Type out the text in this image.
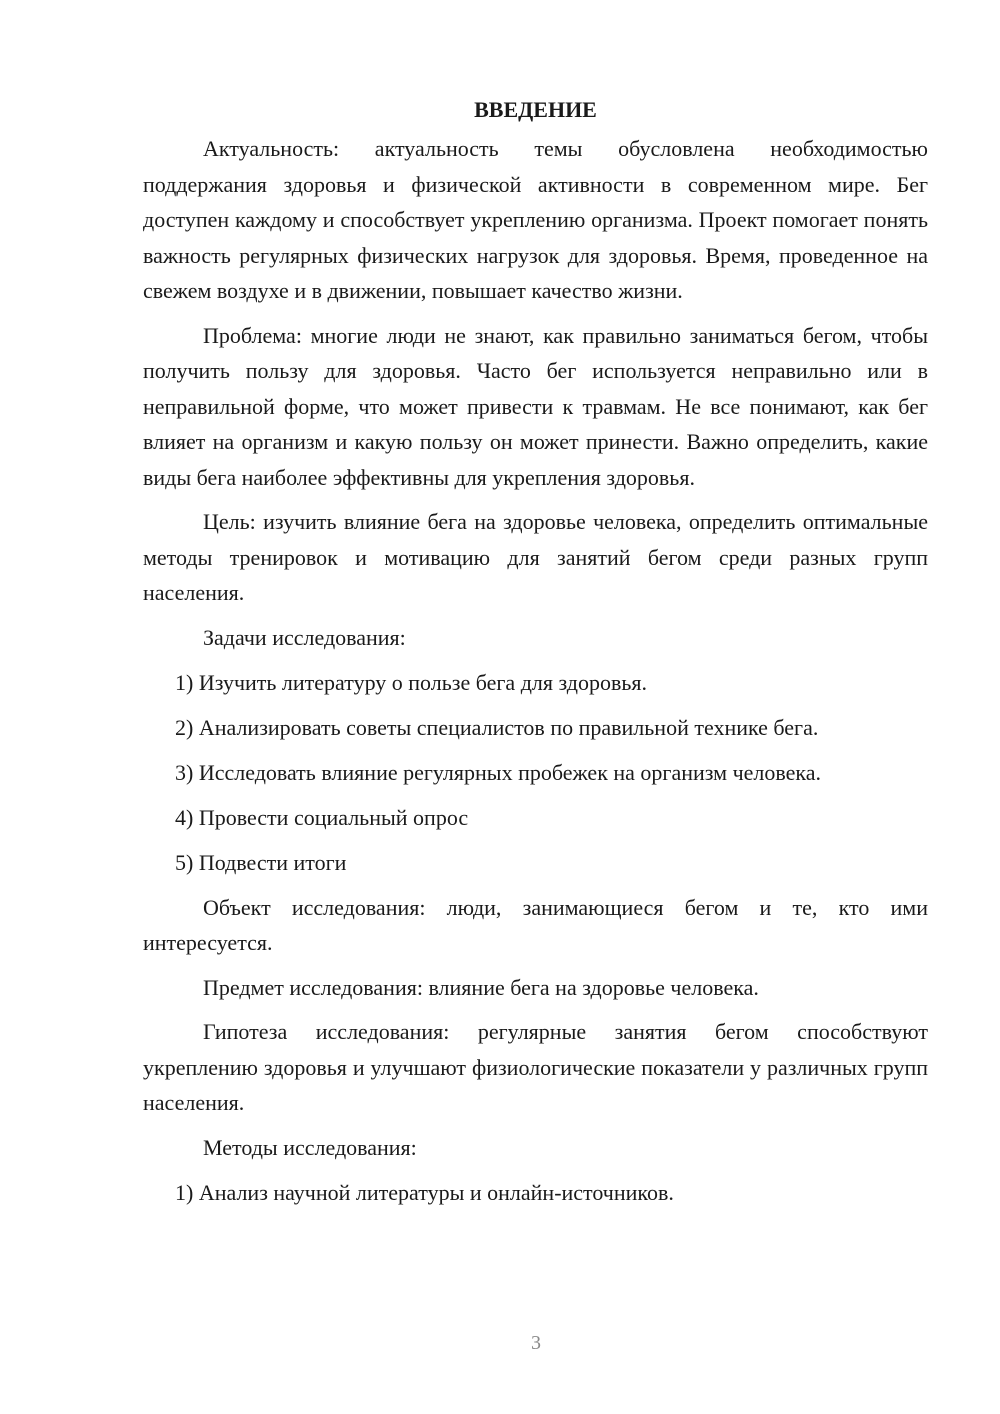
ВВЕДЕНИЕ

Актуальность: актуальность темы обусловлена необходимостью поддержания здоровья и физической активности в современном мире. Бег доступен каждому и способствует укреплению организма. Проект помогает понять важность регулярных физических нагрузок для здоровья. Время, проведенное на свежем воздухе и в движении, повышает качество жизни.

Проблема: многие люди не знают, как правильно заниматься бегом, чтобы получить пользу для здоровья. Часто бег используется неправильно или в неправильной форме, что может привести к травмам. Не все понимают, как бег влияет на организм и какую пользу он может принести. Важно определить, какие виды бега наиболее эффективны для укрепления здоровья.

Цель: изучить влияние бега на здоровье человека, определить оптимальные методы тренировок и мотивацию для занятий бегом среди разных групп населения.

Задачи исследования:
1) Изучить литературу о пользе бега для здоровья.
2) Анализировать советы специалистов по правильной технике бега.
3) Исследовать влияние регулярных пробежек на организм человека.
4) Провести социальный опрос
5) Подвести итоги

Объект исследования: люди, занимающиеся бегом и те, кто ими интересуется.

Предмет исследования: влияние бега на здоровье человека.

Гипотеза исследования: регулярные занятия бегом способствуют укреплению здоровья и улучшают физиологические показатели у различных групп населения.

Методы исследования:
1) Анализ научной литературы и онлайн-источников.
3
